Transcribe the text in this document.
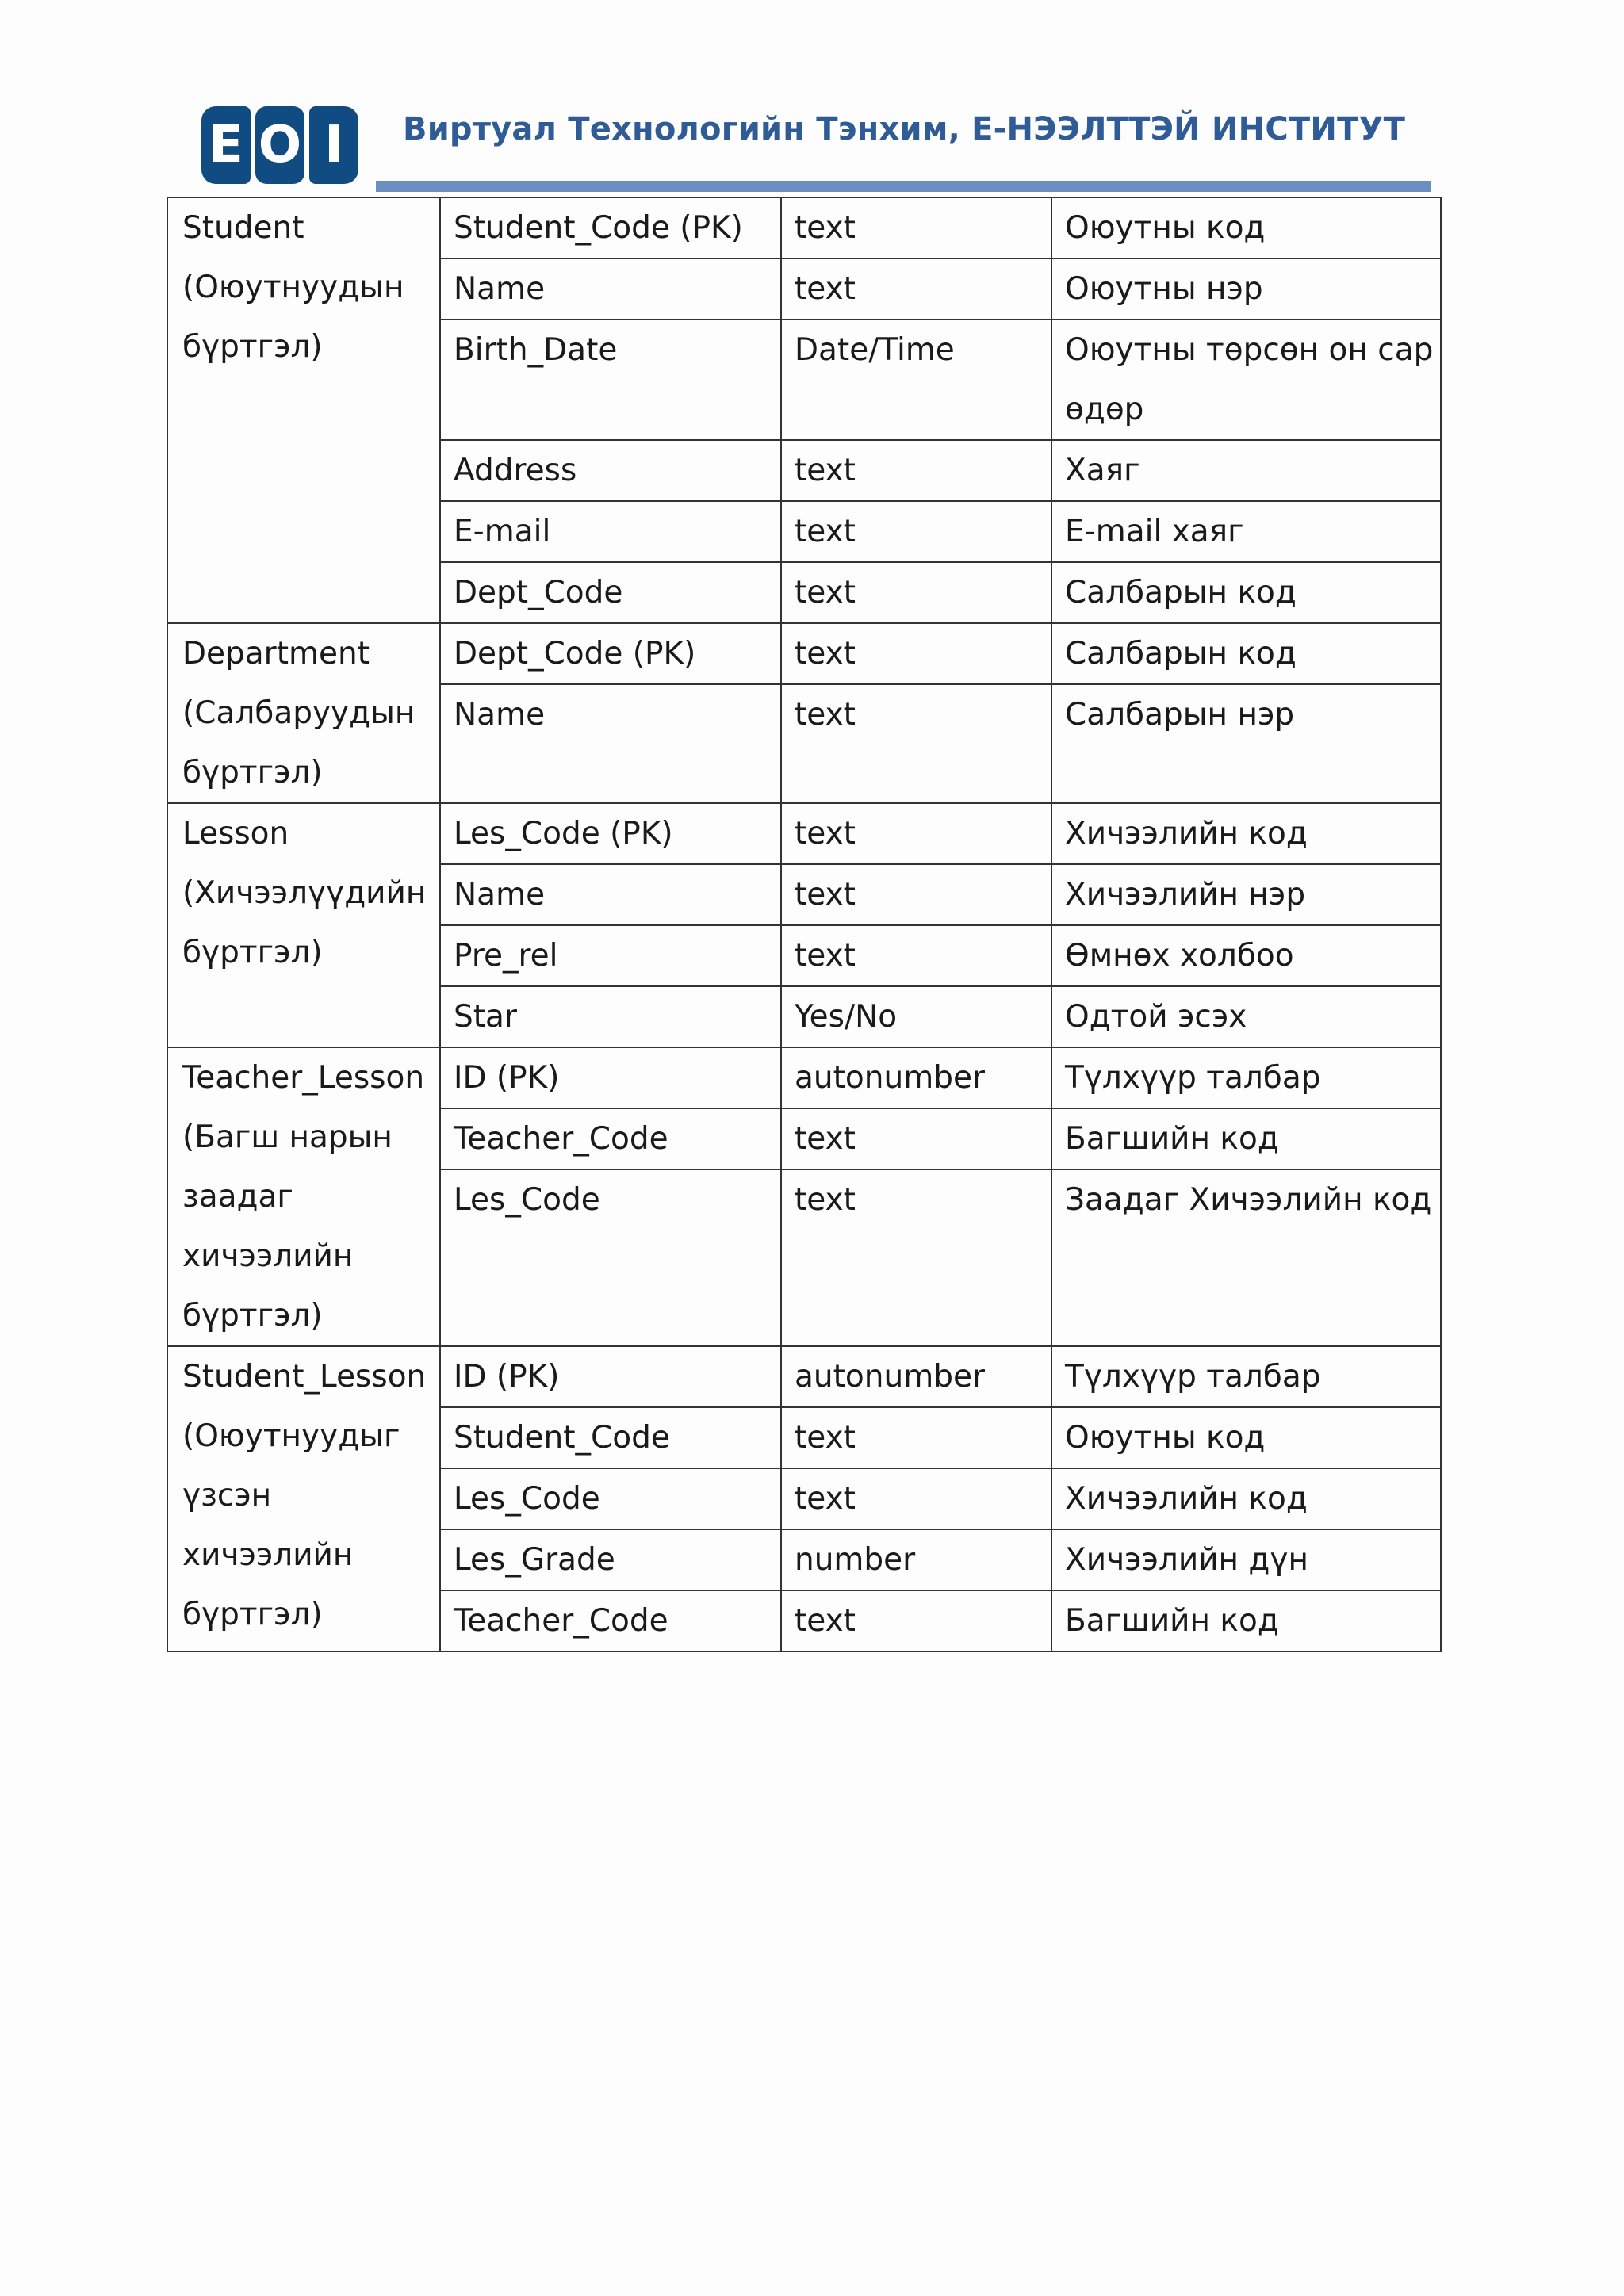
E O I	Виртуал Технологийн Тэнхим, Е-НЭЭЛТТЭЙ ИНСТИТУТ
Student
(Оюутнуудын
бүртгэл)	Student_Code (PK)	text	Оюутны код

	Name	text	Оюутны нэр

	Birth_Date	Date/Time	Оюутны төрсөн он сар
өдөр

	Address	text	Хаяг

	E-mail	text	E-mail хаяг

	Dept_Code	text	Салбарын код

Department
(Салбаруудын
бүртгэл)	Dept_Code (PK)	text	Салбарын код

	Name	text	Салбарын нэр

Lesson
(Хичээлүүдийн
бүртгэл)	Les_Code (PK)	text	Хичээлийн код

	Name	text	Хичээлийн нэр

	Pre_rel	text	Өмнөх холбоо

	Star	Yes/No	Одтой эсэх

Teacher_Lesson
(Багш нарын
заадаг
хичээлийн
бүртгэл)	ID (PK)	autonumber	Түлхүүр талбар

	Teacher_Code	text	Багшийн код

	Les_Code	text	Заадаг Хичээлийн код

Student_Lesson
(Оюутнуудыг
үзсэн
хичээлийн
бүртгэл)	ID (PK)	autonumber	Түлхүүр талбар

	Student_Code	text	Оюутны код

	Les_Code	text	Хичээлийн код

	Les_Grade	number	Хичээлийн дүн

	Teacher_Code	text	Багшийн код
